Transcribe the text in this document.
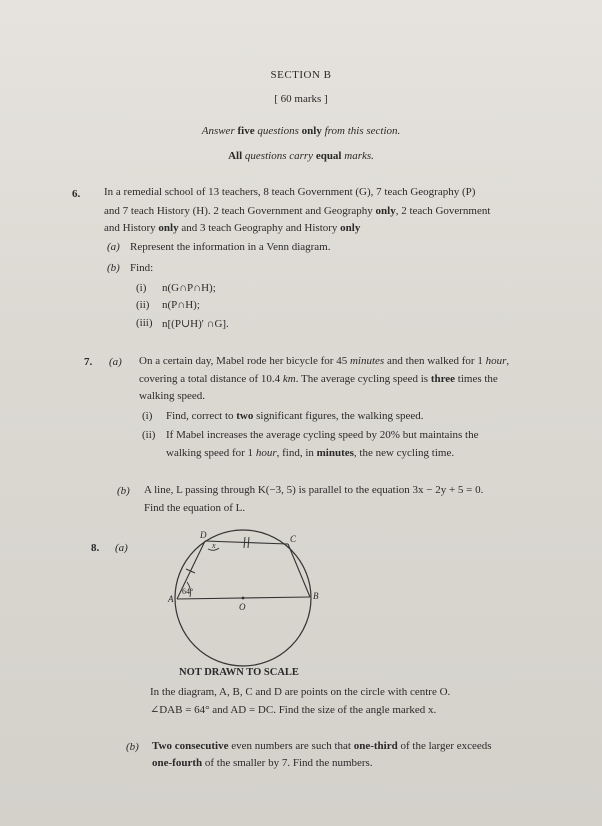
SECTION B
[ 60 marks ]
Answer five questions only from this section.
All questions carry equal marks.
6. In a remedial school of 13 teachers, 8 teach Government (G), 7 teach Geography (P)
and 7 teach History (H). 2 teach Government and Geography only, 2 teach Government
and History only and 3 teach Geography and History only
(a) Represent the information in a Venn diagram.
(b) Find:
(i) n(G∩P∩H);
(ii) n(P∩H);
(iii) n[(P∪H)' ∩G].
7. (a) On a certain day, Mabel rode her bicycle for 45 minutes and then walked for 1 hour,
covering a total distance of 10.4 km. The average cycling speed is three times the
walking speed.
(i) Find, correct to two significant figures, the walking speed.
(ii) If Mabel increases the average cycling speed by 20% but maintains the
walking speed for 1 hour, find, in minutes, the new cycling time.
(b) A line, L passing through K(−3, 5) is parallel to the equation 3x − 2y + 5 = 0.
Find the equation of L.
8. (a)
D	C
A	B
O
x
64°
NOT DRAWN TO SCALE
In the diagram, A, B, C and D are points on the circle with centre O.
∠DAB = 64° and AD = DC. Find the size of the angle marked x.
(b) Two consecutive even numbers are such that one-third of the larger exceeds
one-fourth of the smaller by 7. Find the numbers.
